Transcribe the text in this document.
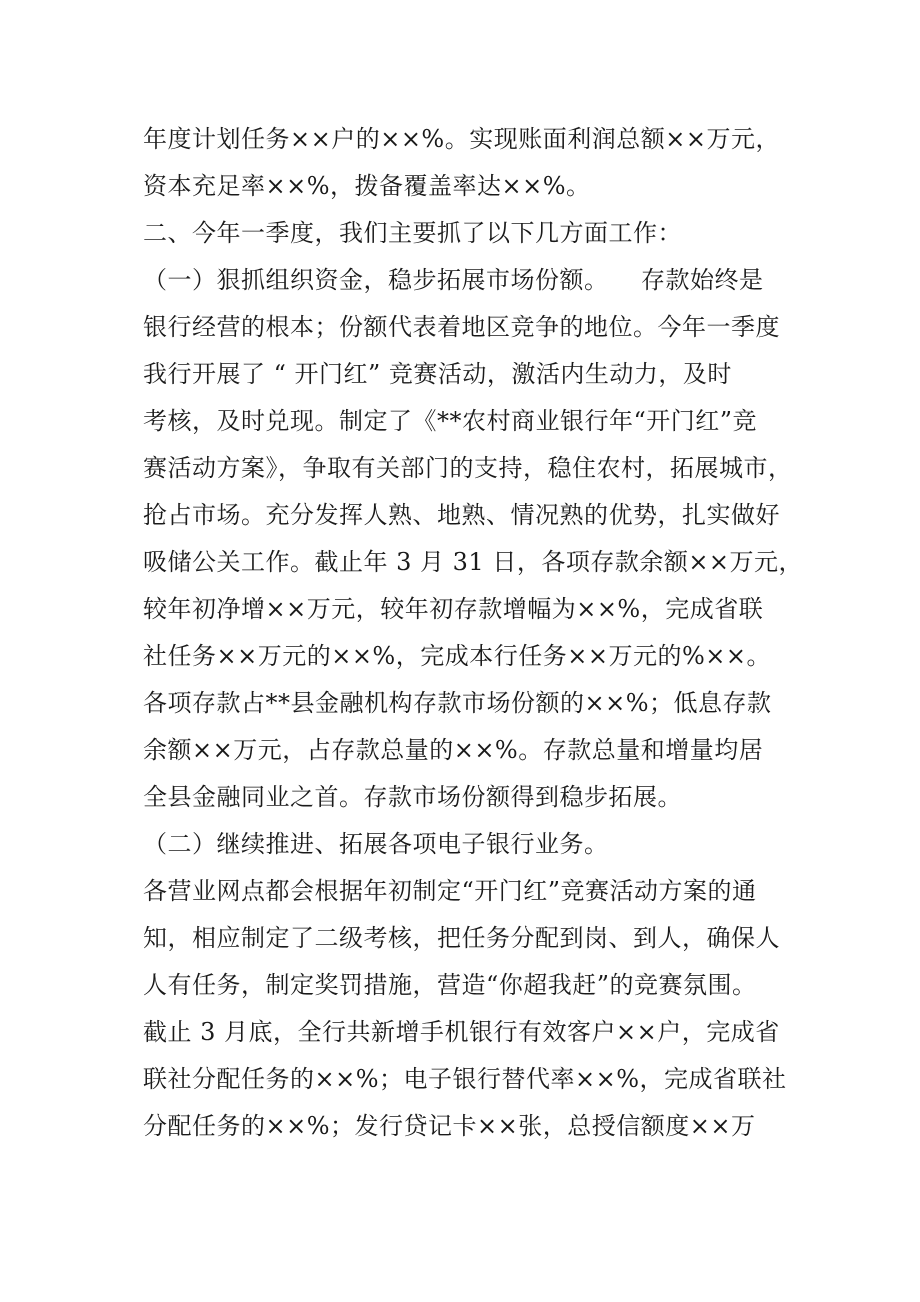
年度计划任务××户的××%。实现账面利润总额××万元，

资本充足率××%，拨备覆盖率达××%。

二、今年一季度，我们主要抓了以下几方面工作：

（一）狠抓组织资金，稳步拓展市场份额。    存款始终是

银行经营的根本；份额代表着地区竞争的地位。今年一季度

我行开展了 “ 开门红” 竞赛活动，激活内生动力，及时

考核，及时兑现。制定了《**农村商业银行年“开门红”竞

赛活动方案》，争取有关部门的支持，稳住农村，拓展城市，

抢占市场。充分发挥人熟、地熟、情况熟的优势，扎实做好

吸储公关工作。截止年 3 月 31 日，各项存款余额××万元，

较年初净增××万元，较年初存款增幅为××%，完成省联

社任务××万元的××%，完成本行任务××万元的%××。

各项存款占**县金融机构存款市场份额的××%；低息存款

余额××万元，占存款总量的××%。存款总量和增量均居

全县金融同业之首。存款市场份额得到稳步拓展。

（二）继续推进、拓展各项电子银行业务。

各营业网点都会根据年初制定“开门红”竞赛活动方案的通

知，相应制定了二级考核，把任务分配到岗、到人，确保人

人有任务，制定奖罚措施，营造“你超我赶”的竞赛氛围。

截止 3 月底，全行共新增手机银行有效客户××户，完成省

联社分配任务的××%；电子银行替代率××%，完成省联社

分配任务的××%；发行贷记卡××张，总授信额度××万
